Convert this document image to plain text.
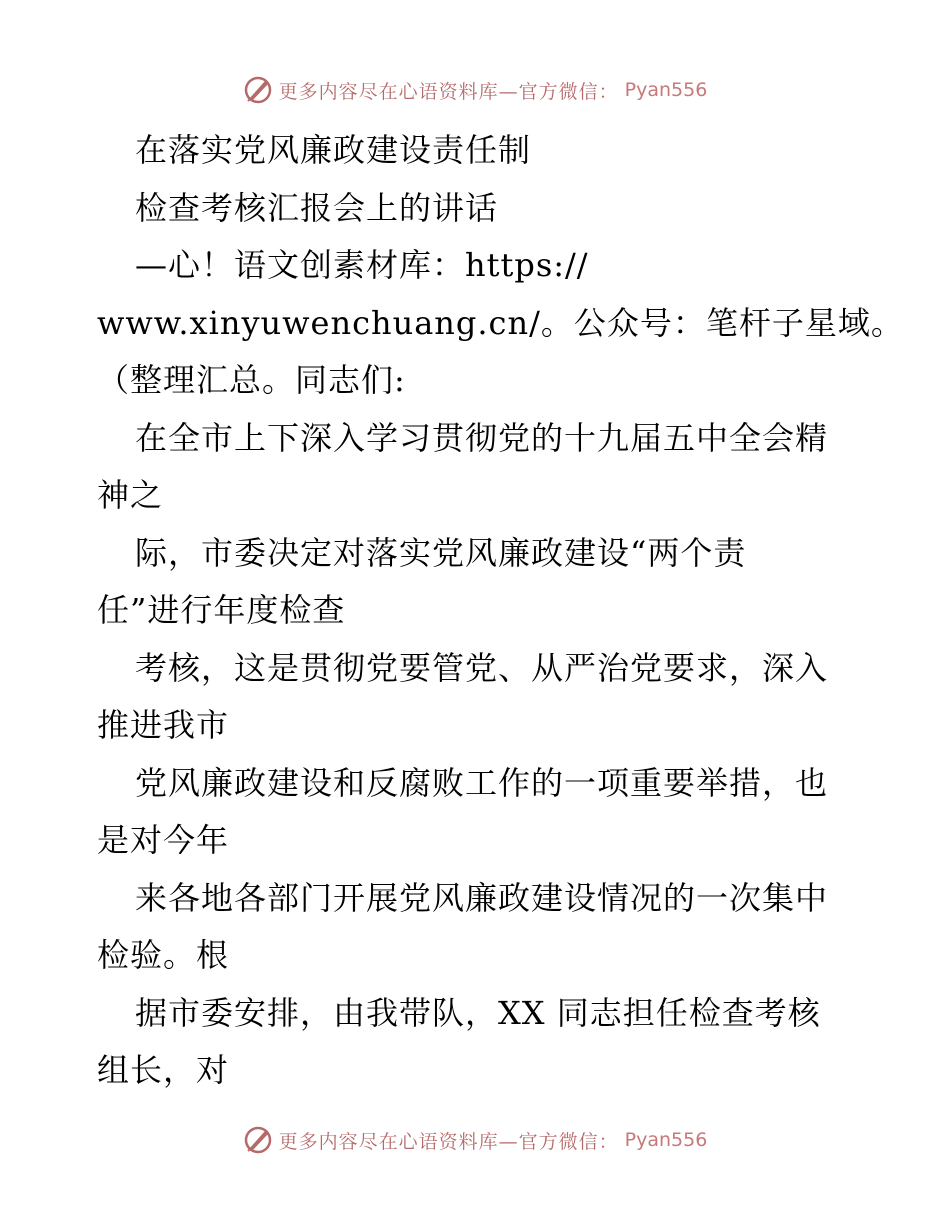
更多内容尽在心语资料库—官方微信： Pyan556
在落实党风廉政建设责任制
检查考核汇报会上的讲话
—心！语文创素材库：https://
www.xinyuwenchuang.cn/。公众号：笔杆子星域。
（整理汇总。同志们:
在全市上下深入学习贯彻党的十九届五中全会精
神之
际，市委决定对落实党风廉政建设“两个责
任”进行年度检查
考核，这是贯彻党要管党、从严治党要求，深入
推进我市
党风廉政建设和反腐败工作的一项重要举措，也
是对今年
来各地各部门开展党风廉政建设情况的一次集中
检验。根
据市委安排，由我带队，XX 同志担任检查考核
组长，对
更多内容尽在心语资料库—官方微信： Pyan556
